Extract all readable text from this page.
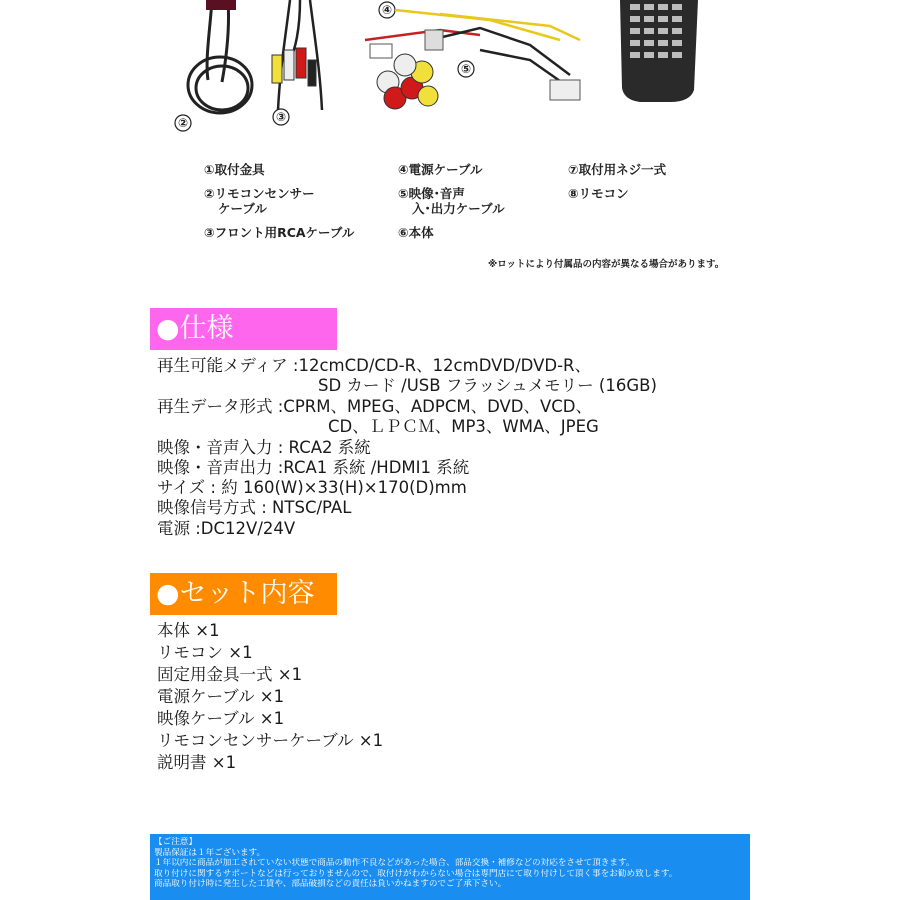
④
⑤
②	③
①取付金具
②リモコンセンサー
ケーブル
③フロント用RCAケーブル
④電源ケーブル
⑤映像･音声
入･出力ケーブル
⑥本体
⑦取付用ネジ一式
⑧リモコン
※ロットにより付属品の内容が異なる場合があります。
●仕様
再生可能メディア :12cmCD/CD-R、12cmDVD/DVD-R、
SD カード /USB フラッシュメモリー (16GB)
再生データ形式 :CPRM、MPEG、ADPCM、DVD、VCD、
CD、ＬＰＣＭ、MP3、WMA、JPEG
映像・音声入力 : RCA2 系統
映像・音声出力 :RCA1 系統 /HDMI1 系統
サイズ : 約 160(W)×33(H)×170(D)mm
映像信号方式 : NTSC/PAL
電源 :DC12V/24V
●セット内容
本体 ×1
リモコン ×1
固定用金具一式 ×1
電源ケーブル ×1
映像ケーブル ×1
リモコンセンサーケーブル ×1
説明書 ×1
【ご注意】
製品保証は１年ございます。
１年以内に商品が加工されていない状態で商品の動作不良などがあった場合、部品交換・補修などの対応をさせて頂きます。
取り付けに関するサポートなどは行っておりませんので、取付けがわからない場合は専門店にて取り付けして頂く事をお勧め致します。
商品取り付け時に発生した工賃や、部品破損などの責任は負いかねますのでご了承下さい。
